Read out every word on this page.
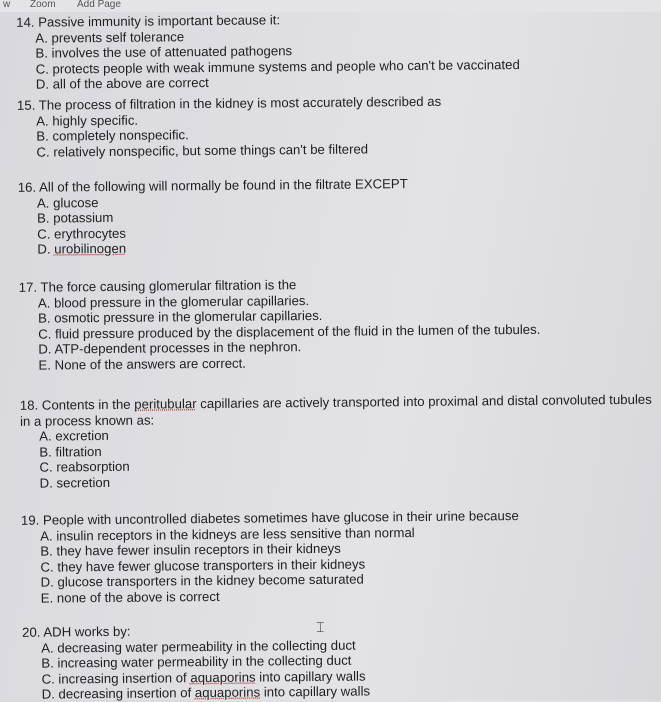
w Zoom Add Page

14. Passive immunity is important because it:

A. prevents self tolerance

B. involves the use of attenuated pathogens

C. protects people with weak immune systems and people who can't be vaccinated

D. all of the above are correct

15. The process of filtration in the kidney is most accurately described as

A. highly specific.

B. completely nonspecific.

C. relatively nonspecific, but some things can't be filtered

16. All of the following will normally be found in the filtrate EXCEPT

A. glucose

B. potassium

C. erythrocytes

D. urobilinogen

17. The force causing glomerular filtration is the

A. blood pressure in the glomerular capillaries.

B. osmotic pressure in the glomerular capillaries.

C. fluid pressure produced by the displacement of the fluid in the lumen of the tubules.

D. ATP-dependent processes in the nephron.

E. None of the answers are correct.

18. Contents in the peritubular capillaries are actively transported into proximal and distal convoluted tubules in a process known as:

A. excretion

B. filtration

C. reabsorption

D. secretion

19. People with uncontrolled diabetes sometimes have glucose in their urine because

A. insulin receptors in the kidneys are less sensitive than normal

B. they have fewer insulin receptors in their kidneys

C. they have fewer glucose transporters in their kidneys

D. glucose transporters in the kidney become saturated

E. none of the above is correct

20. ADH works by:

A. decreasing water permeability in the collecting duct

B. increasing water permeability in the collecting duct

C. increasing insertion of aquaporins into capillary walls

D. decreasing insertion of aquaporins into capillary walls

⌶
